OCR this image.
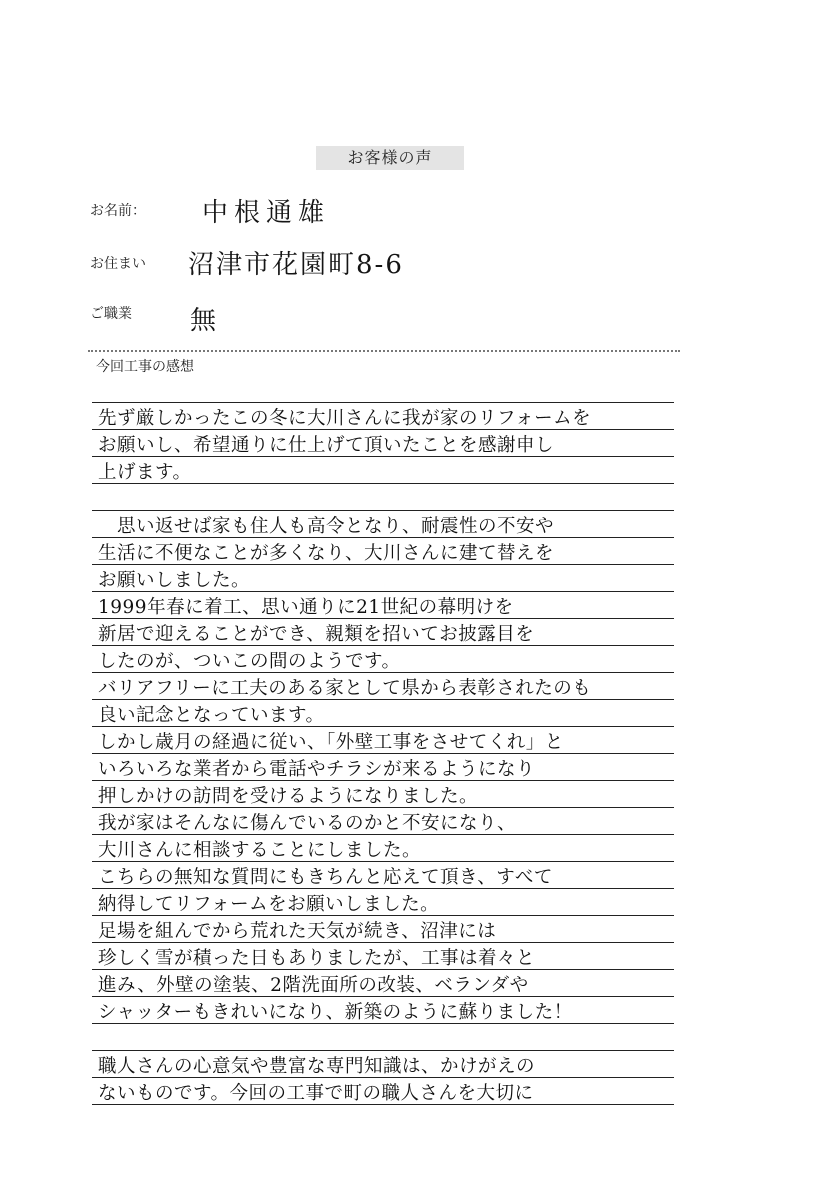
お客様の声
お名前： 中根通雄
お住まい 沼津市花園町8-6
ご職業 無
今回工事の感想
先ず厳しかったこの冬に大川さんに我が家のリフォームを
お願いし、希望通りに仕上げて頂いたことを感謝申し
上げます。
　思い返せば家も住人も高令となり、耐震性の不安や
生活に不便なことが多くなり、大川さんに建て替えを
お願いしました。
1999年春に着工、思い通りに21世紀の幕明けを
新居で迎えることができ、親類を招いてお披露目を
したのが、ついこの間のようです。
バリアフリーに工夫のある家として県から表彰されたのも
良い記念となっています。
しかし歳月の経過に従い、「外壁工事をさせてくれ」と
いろいろな業者から電話やチラシが来るようになり
押しかけの訪問を受けるようになりました。
我が家はそんなに傷んでいるのかと不安になり、
大川さんに相談することにしました。
こちらの無知な質問にもきちんと応えて頂き、すべて
納得してリフォームをお願いしました。
足場を組んでから荒れた天気が続き、沼津には
珍しく雪が積った日もありましたが、工事は着々と
進み、外壁の塗装、2階洗面所の改装、ベランダや
シャッターもきれいになり、新築のように蘇りました！
職人さんの心意気や豊富な専門知識は、かけがえの
ないものです。今回の工事で町の職人さんを大切に
